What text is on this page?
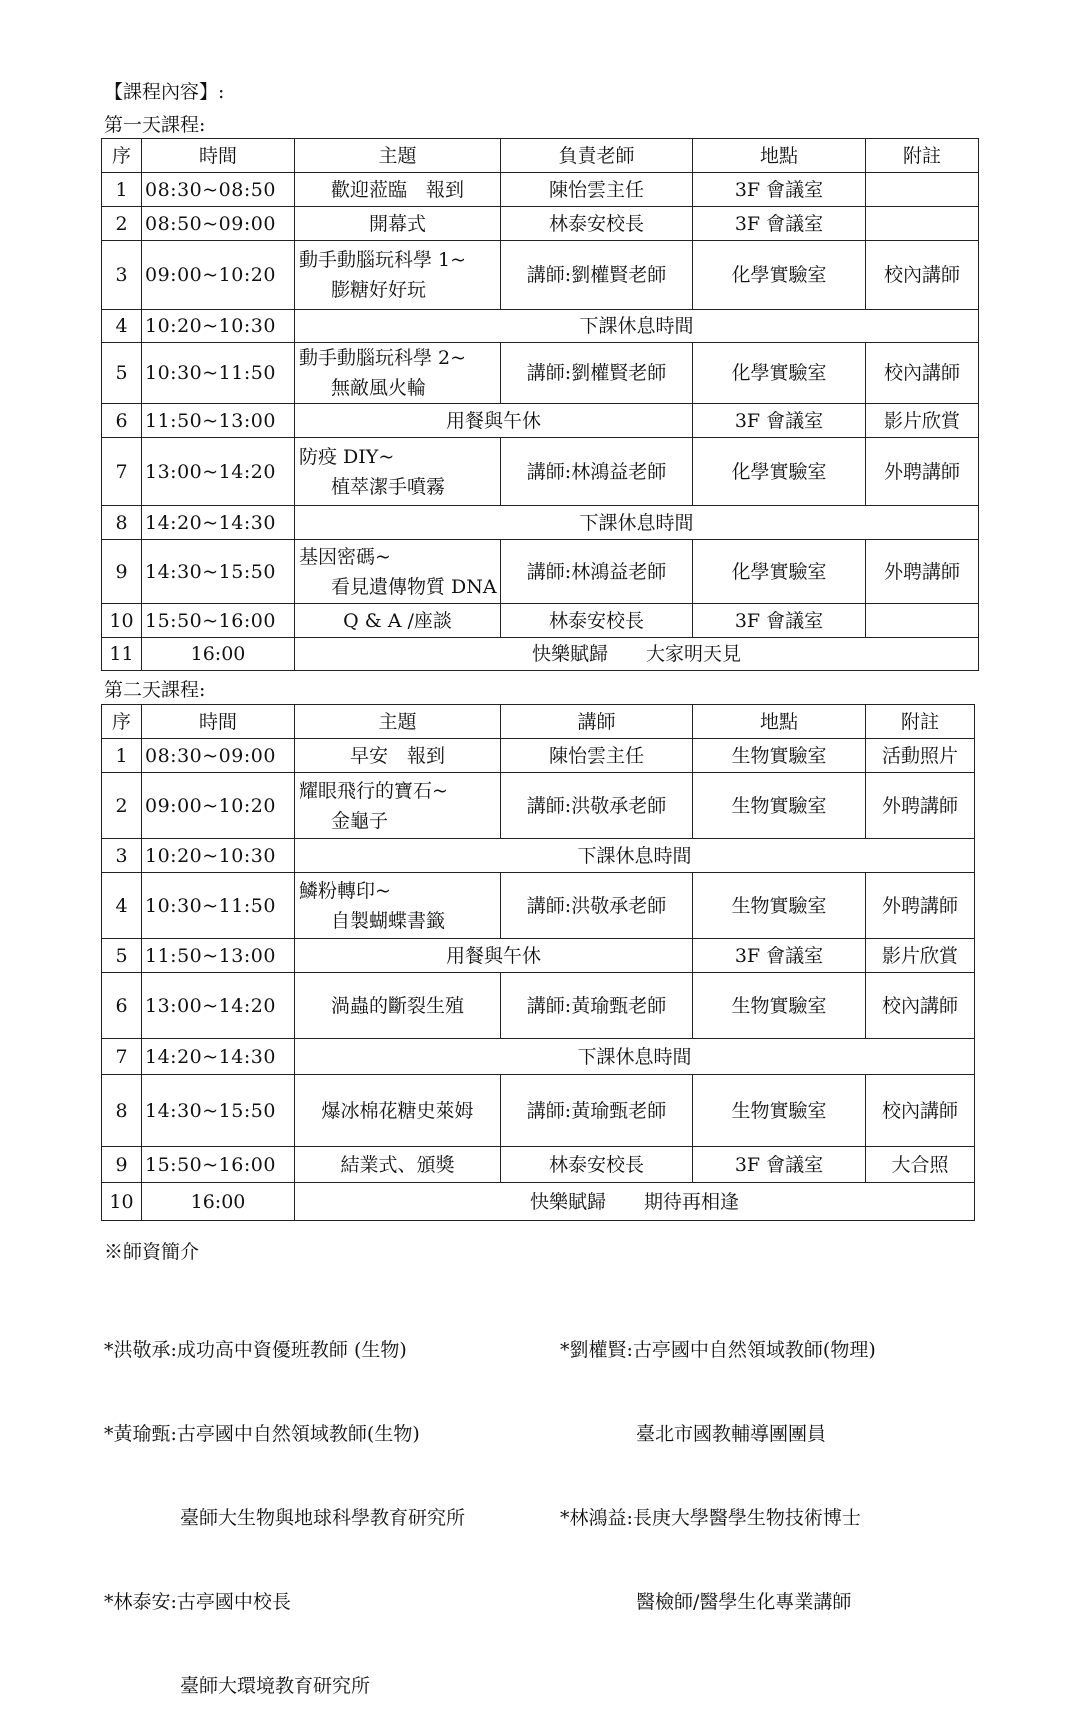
【課程內容】:
第一天課程:
序	時間	主題	負責老師	地點	附註
1	08:30~08:50	歡迎蒞臨　報到	陳怡雲主任	3F 會議室	
2	08:50~09:00	開幕式	林泰安校長	3F 會議室	
3	09:00~10:20	動手動腦玩科學 1~
膨糖好好玩	講師:劉權賢老師	化學實驗室	校內講師
4	10:20~10:30	下課休息時間			
5	10:30~11:50	動手動腦玩科學 2~
無敵風火輪	講師:劉權賢老師	化學實驗室	校內講師
6	11:50~13:00	用餐與午休		3F 會議室	影片欣賞
7	13:00~14:20	防疫 DIY~
植萃潔手噴霧	講師:林鴻益老師	化學實驗室	外聘講師
8	14:20~14:30	下課休息時間			
9	14:30~15:50	基因密碼~
看見遺傳物質 DNA	講師:林鴻益老師	化學實驗室	外聘講師
10	15:50~16:00	Q & A /座談	林泰安校長	3F 會議室	
11	16:00	快樂賦歸　　大家明天見			
第二天課程:
序	時間	主題	講師	地點	附註
1	08:30~09:00	早安　報到	陳怡雲主任	生物實驗室	活動照片
2	09:00~10:20	耀眼飛行的寶石~
金龜子	講師:洪敬承老師	生物實驗室	外聘講師
3	10:20~10:30	下課休息時間			
4	10:30~11:50	鱗粉轉印~
自製蝴蝶書籤	講師:洪敬承老師	生物實驗室	外聘講師
5	11:50~13:00	用餐與午休		3F 會議室	影片欣賞
6	13:00~14:20	渦蟲的斷裂生殖	講師:黃瑜甄老師	生物實驗室	校內講師
7	14:20~14:30	下課休息時間			
8	14:30~15:50	爆冰棉花糖史萊姆	講師:黃瑜甄老師	生物實驗室	校內講師
9	15:50~16:00	結業式、頒獎	林泰安校長	3F 會議室	大合照
10	16:00	快樂賦歸　　期待再相逢			
※師資簡介

*洪敬承:成功高中資優班教師 (生物)

*黃瑜甄:古亭國中自然領域教師(生物)

　　　　臺師大生物與地球科學教育研究所

*林泰安:古亭國中校長

　　　　臺師大環境教育研究所

*劉權賢:古亭國中自然領域教師(物理)

　　　　臺北市國教輔導團團員

*林鴻益:長庚大學醫學生物技術博士

　　　　醫檢師/醫學生化專業講師
